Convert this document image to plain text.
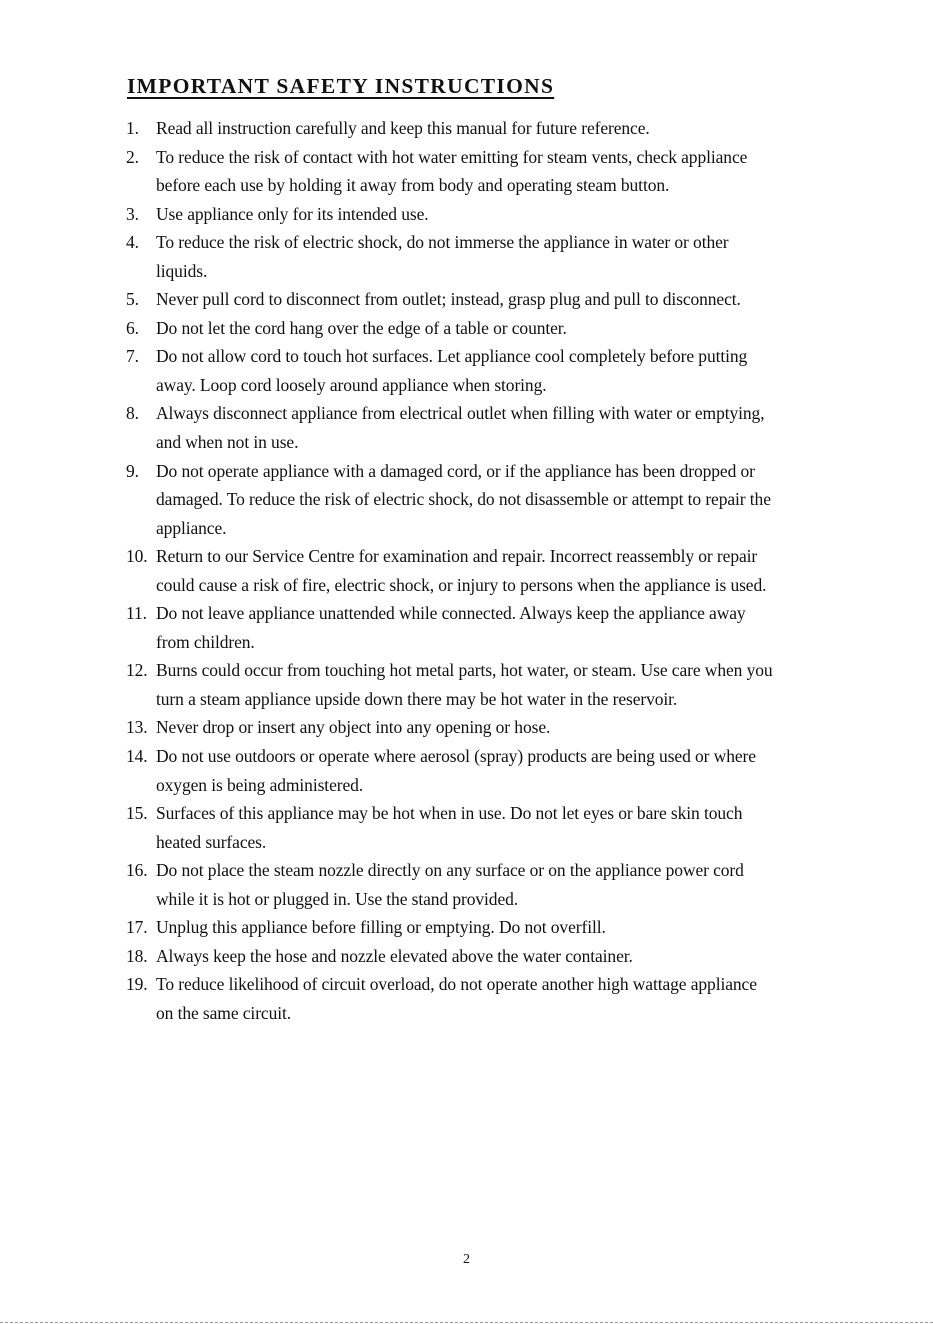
IMPORTANT SAFETY INSTRUCTIONS
1. Read all instruction carefully and keep this manual for future reference.
2. To reduce the risk of contact with hot water emitting for steam vents, check appliance before each use by holding it away from body and operating steam button.
3. Use appliance only for its intended use.
4. To reduce the risk of electric shock, do not immerse the appliance in water or other liquids.
5. Never pull cord to disconnect from outlet; instead, grasp plug and pull to disconnect.
6. Do not let the cord hang over the edge of a table or counter.
7. Do not allow cord to touch hot surfaces. Let appliance cool completely before putting away. Loop cord loosely around appliance when storing.
8. Always disconnect appliance from electrical outlet when filling with water or emptying, and when not in use.
9. Do not operate appliance with a damaged cord, or if the appliance has been dropped or damaged. To reduce the risk of electric shock, do not disassemble or attempt to repair the appliance.
10. Return to our Service Centre for examination and repair. Incorrect reassembly or repair could cause a risk of fire, electric shock, or injury to persons when the appliance is used.
11. Do not leave appliance unattended while connected. Always keep the appliance away from children.
12. Burns could occur from touching hot metal parts, hot water, or steam. Use care when you turn a steam appliance upside down there may be hot water in the reservoir.
13. Never drop or insert any object into any opening or hose.
14. Do not use outdoors or operate where aerosol (spray) products are being used or where oxygen is being administered.
15. Surfaces of this appliance may be hot when in use. Do not let eyes or bare skin touch heated surfaces.
16. Do not place the steam nozzle directly on any surface or on the appliance power cord while it is hot or plugged in. Use the stand provided.
17. Unplug this appliance before filling or emptying. Do not overfill.
18. Always keep the hose and nozzle elevated above the water container.
19. To reduce likelihood of circuit overload, do not operate another high wattage appliance on the same circuit.
2
